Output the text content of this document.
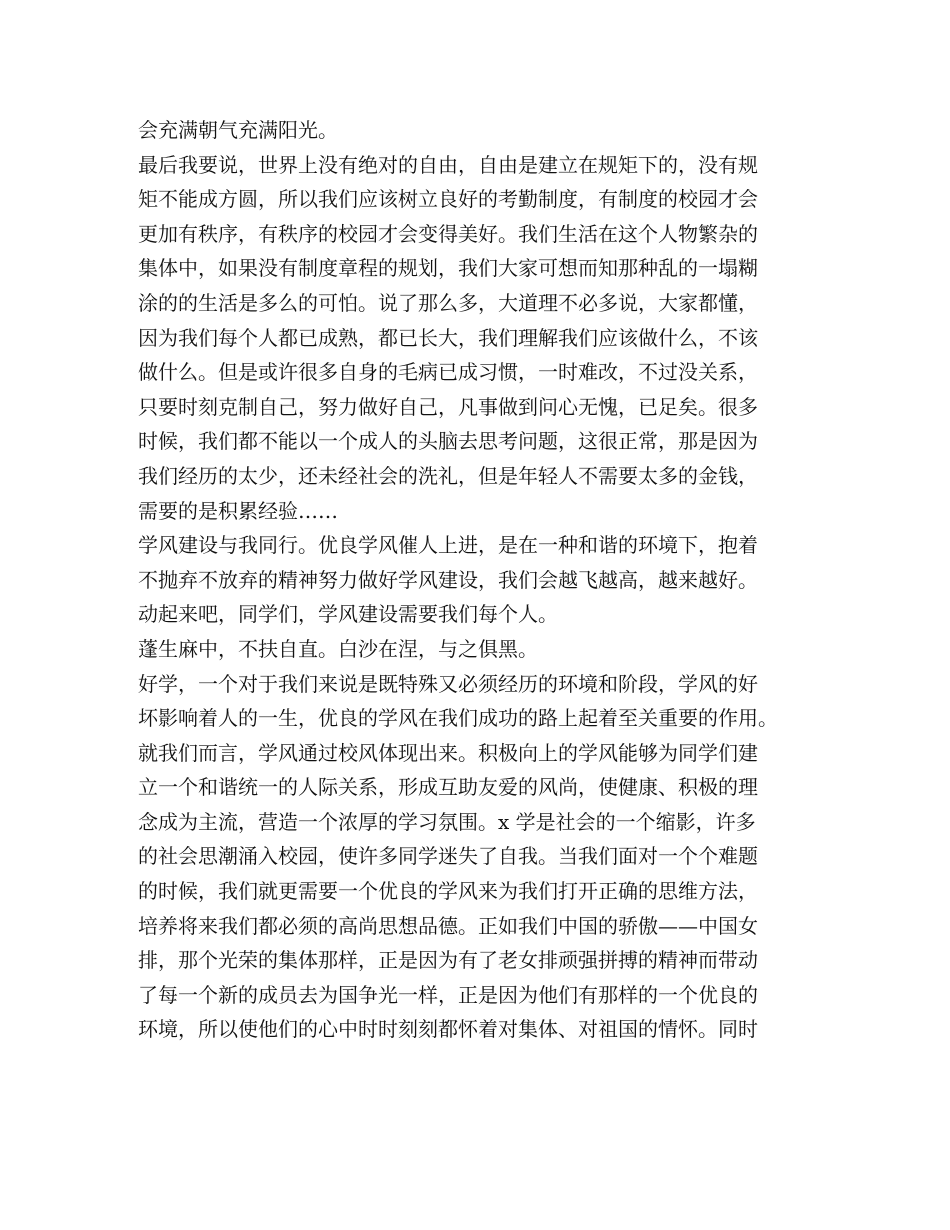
会充满朝气充满阳光。
最后我要说，世界上没有绝对的自由，自由是建立在规矩下的，没有规
矩不能成方圆，所以我们应该树立良好的考勤制度，有制度的校园才会
更加有秩序，有秩序的校园才会变得美好。我们生活在这个人物繁杂的
集体中，如果没有制度章程的规划，我们大家可想而知那种乱的一塌糊
涂的的生活是多么的可怕。说了那么多，大道理不必多说，大家都懂，
因为我们每个人都已成熟，都已长大，我们理解我们应该做什么，不该
做什么。但是或许很多自身的毛病已成习惯，一时难改，不过没关系，
只要时刻克制自己，努力做好自己，凡事做到问心无愧，已足矣。很多
时候，我们都不能以一个成人的头脑去思考问题，这很正常，那是因为
我们经历的太少，还未经社会的洗礼，但是年轻人不需要太多的金钱，
需要的是积累经验……
学风建设与我同行。优良学风催人上进，是在一种和谐的环境下，抱着
不抛弃不放弃的精神努力做好学风建设，我们会越飞越高，越来越好。
动起来吧，同学们，学风建设需要我们每个人。
蓬生麻中，不扶自直。白沙在涅，与之俱黑。
好学，一个对于我们来说是既特殊又必须经历的环境和阶段，学风的好
坏影响着人的一生，优良的学风在我们成功的路上起着至关重要的作用。
就我们而言，学风通过校风体现出来。积极向上的学风能够为同学们建
立一个和谐统一的人际关系，形成互助友爱的风尚，使健康、积极的理
念成为主流，营造一个浓厚的学习氛围。x 学是社会的一个缩影，许多
的社会思潮涌入校园，使许多同学迷失了自我。当我们面对一个个难题
的时候，我们就更需要一个优良的学风来为我们打开正确的思维方法，
培养将来我们都必须的高尚思想品德。正如我们中国的骄傲——中国女
排，那个光荣的集体那样，正是因为有了老女排顽强拼搏的精神而带动
了每一个新的成员去为国争光一样，正是因为他们有那样的一个优良的
环境，所以使他们的心中时时刻刻都怀着对集体、对祖国的情怀。同时
